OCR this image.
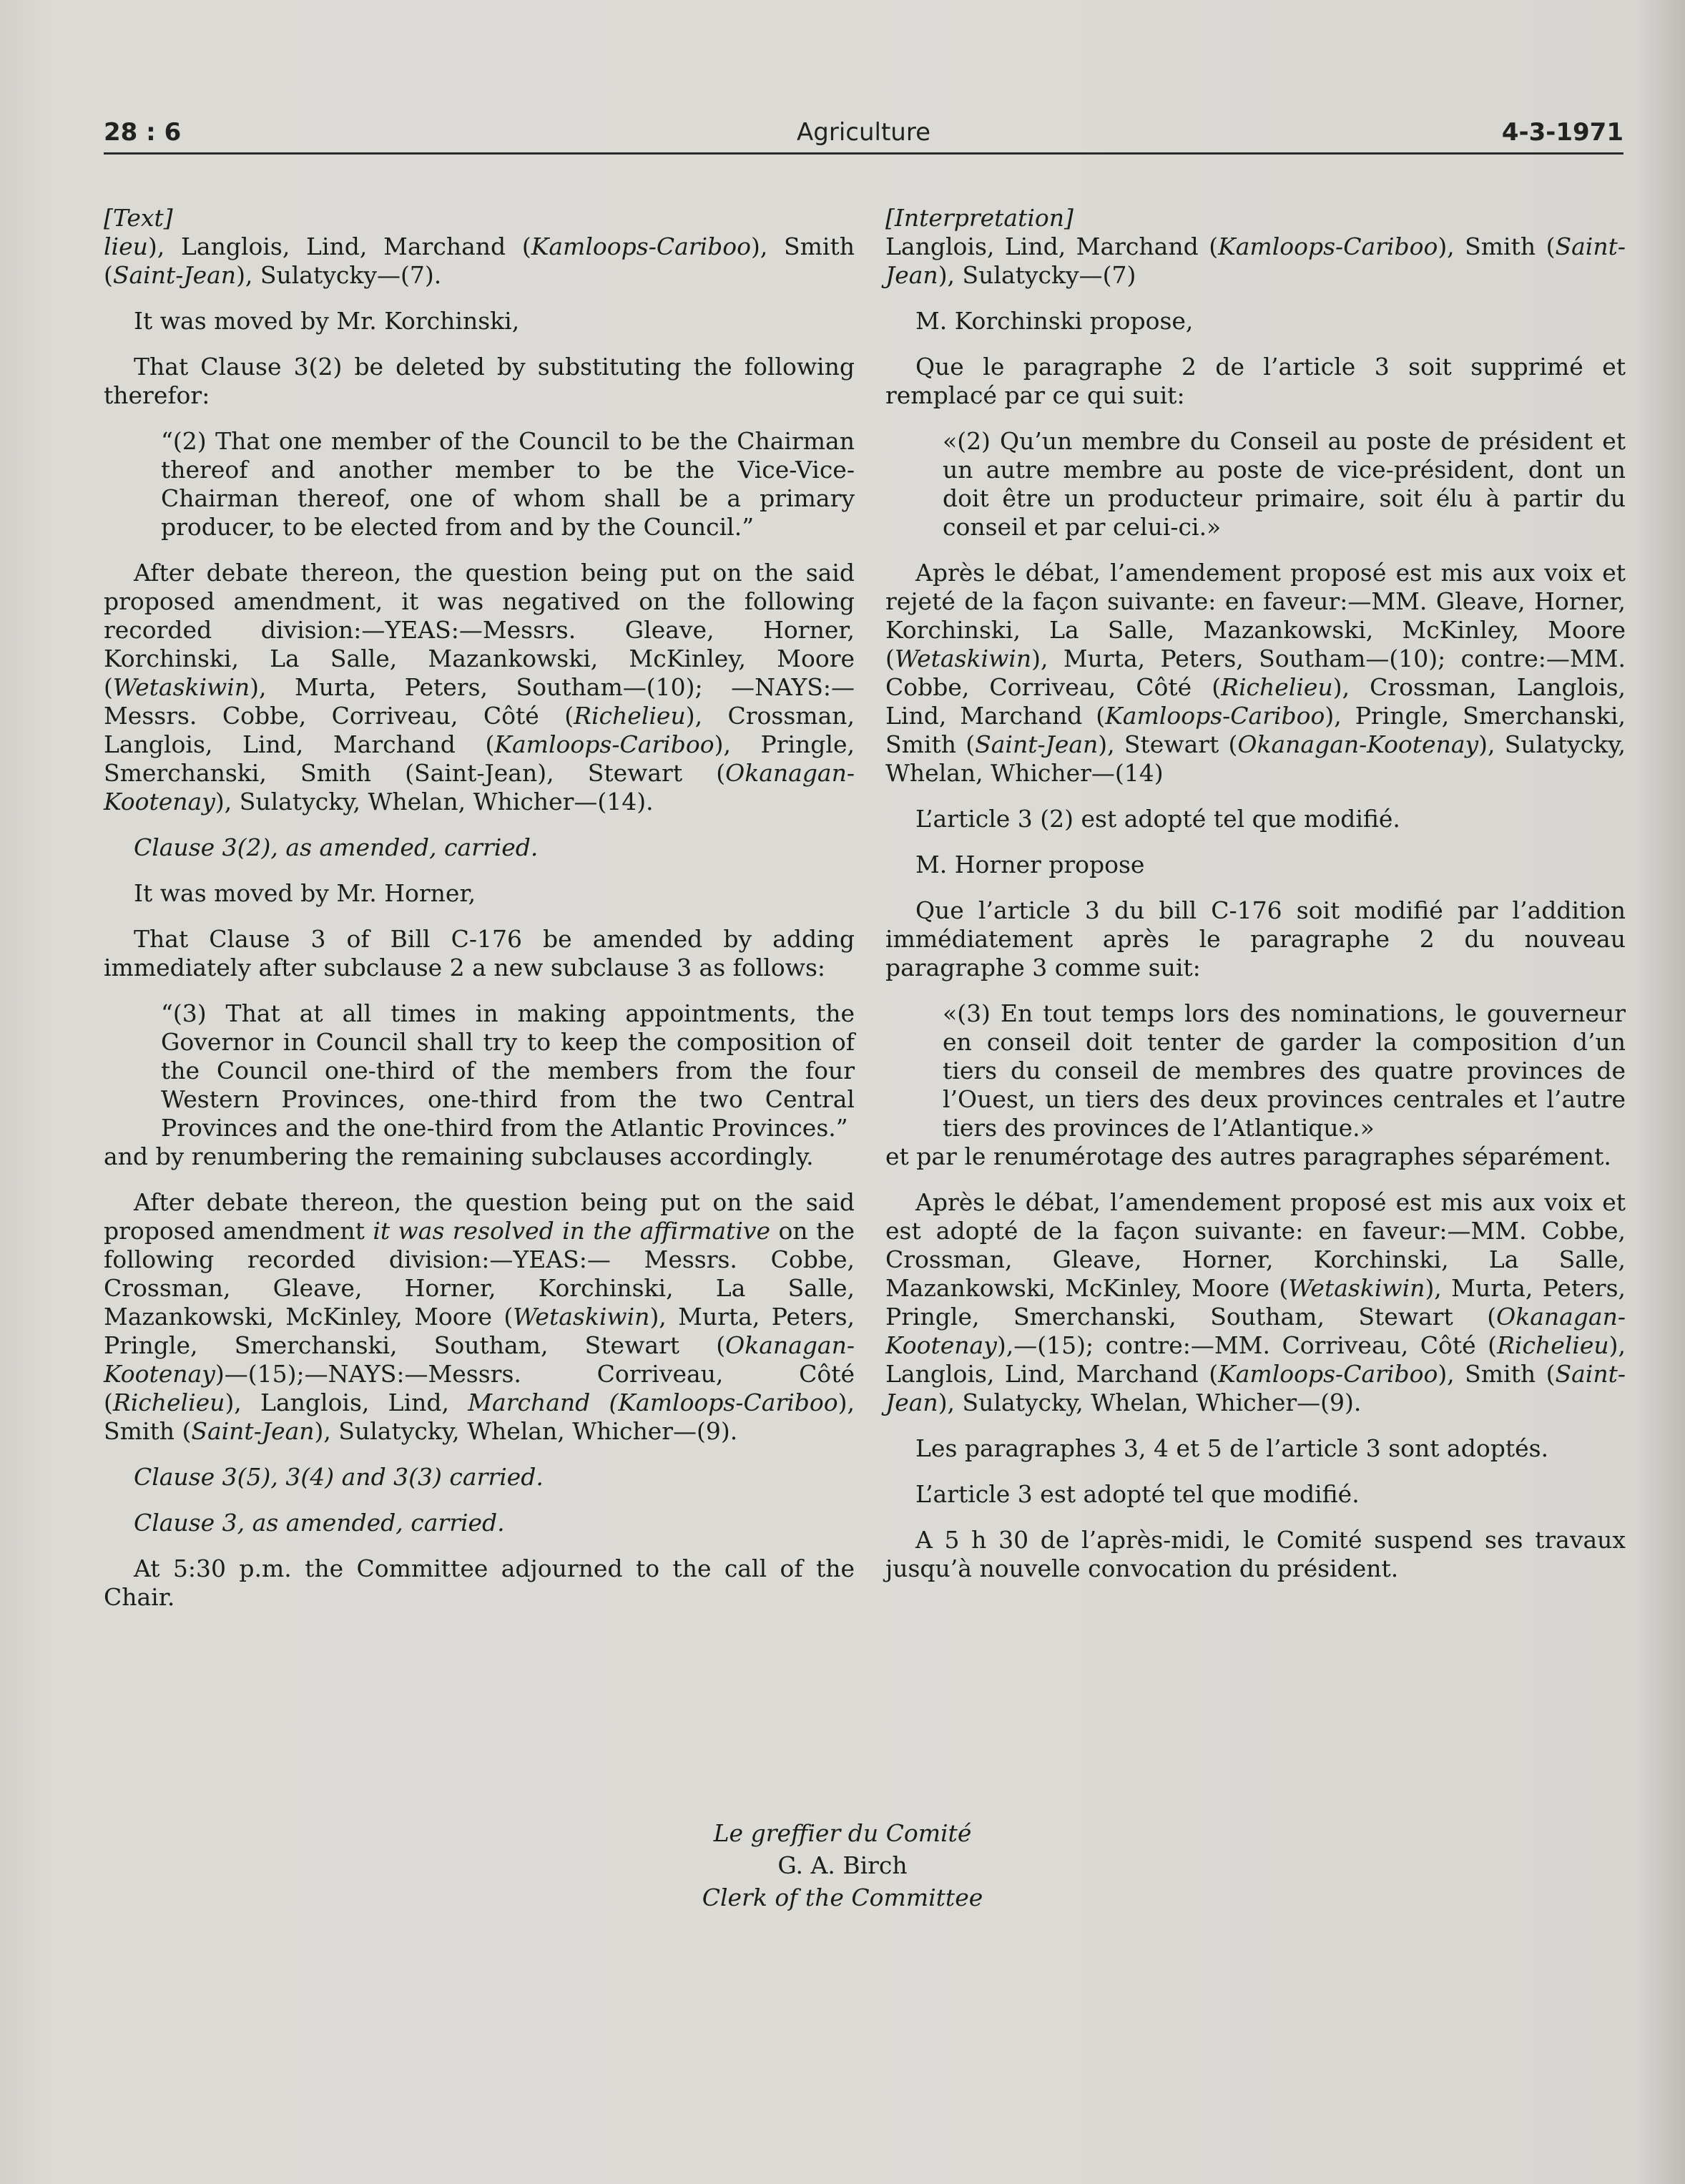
28 : 6	Agriculture	4-3-1971

[Text]

lieu), Langlois, Lind, Marchand (Kamloops-Cariboo), Smith (Saint-Jean), Sulatycky—(7).

It was moved by Mr. Korchinski,

That Clause 3(2) be deleted by substituting the following therefor:

“(2) That one member of the Council to be the Chairman thereof and another member to be the Vice-Vice-Chairman thereof, one of whom shall be a primary producer, to be elected from and by the Council.”

After debate thereon, the question being put on the said proposed amendment, it was negatived on the following recorded division:—YEAS:—Messrs. Gleave, Horner, Korchinski, La Salle, Mazankowski, McKinley, Moore (Wetaskiwin), Murta, Peters, Southam—(10); —NAYS:—Messrs. Cobbe, Corriveau, Côté (Richelieu), Crossman, Langlois, Lind, Marchand (Kamloops-Cariboo), Pringle, Smerchanski, Smith (Saint-Jean), Stewart (Okanagan-Kootenay), Sulatycky, Whelan, Whicher—(14).

Clause 3(2), as amended, carried.

It was moved by Mr. Horner,

That Clause 3 of Bill C-176 be amended by adding immediately after subclause 2 a new subclause 3 as follows:

“(3) That at all times in making appointments, the Governor in Council shall try to keep the composition of the Council one-third of the members from the four Western Provinces, one-third from the two Central Provinces and the one-third from the Atlantic Provinces.”

and by renumbering the remaining subclauses accordingly.

After debate thereon, the question being put on the said proposed amendment it was resolved in the affirmative on the following recorded division:—YEAS:— Messrs. Cobbe, Crossman, Gleave, Horner, Korchinski, La Salle, Mazankowski, McKinley, Moore (Wetaskiwin), Murta, Peters, Pringle, Smerchanski, Southam, Stewart (Okanagan-Kootenay)—(15);—NAYS:—Messrs. Corriveau, Côté (Richelieu), Langlois, Lind, Marchand (Kamloops-Cariboo), Smith (Saint-Jean), Sulatycky, Whelan, Whicher—(9).

Clause 3(5), 3(4) and 3(3) carried.

Clause 3, as amended, carried.

At 5:30 p.m. the Committee adjourned to the call of the Chair.

[Interpretation]

Langlois, Lind, Marchand (Kamloops-Cariboo), Smith (Saint-Jean), Sulatycky—(7)

M. Korchinski propose,

Que le paragraphe 2 de l’article 3 soit supprimé et remplacé par ce qui suit:

«(2) Qu’un membre du Conseil au poste de président et un autre membre au poste de vice-président, dont un doit être un producteur primaire, soit élu à partir du conseil et par celui-ci.»

Après le débat, l’amendement proposé est mis aux voix et rejeté de la façon suivante: en faveur:—MM. Gleave, Horner, Korchinski, La Salle, Mazankowski, McKinley, Moore (Wetaskiwin), Murta, Peters, Southam—(10); contre:—MM. Cobbe, Corriveau, Côté (Richelieu), Crossman, Langlois, Lind, Marchand (Kamloops-Cariboo), Pringle, Smerchanski, Smith (Saint-Jean), Stewart (Okanagan-Kootenay), Sulatycky, Whelan, Whicher—(14)

L’article 3 (2) est adopté tel que modifié.

M. Horner propose

Que l’article 3 du bill C-176 soit modifié par l’addition immédiatement après le paragraphe 2 du nouveau paragraphe 3 comme suit:

«(3) En tout temps lors des nominations, le gouverneur en conseil doit tenter de garder la composition d’un tiers du conseil de membres des quatre provinces de l’Ouest, un tiers des deux provinces centrales et l’autre tiers des provinces de l’Atlantique.»

et par le renumérotage des autres paragraphes séparément.

Après le débat, l’amendement proposé est mis aux voix et est adopté de la façon suivante: en faveur:—MM. Cobbe, Crossman, Gleave, Horner, Korchinski, La Salle, Mazankowski, McKinley, Moore (Wetaskiwin), Murta, Peters, Pringle, Smerchanski, Southam, Stewart (Okanagan-Kootenay),—(15); contre:—MM. Corriveau, Côté (Richelieu), Langlois, Lind, Marchand (Kamloops-Cariboo), Smith (Saint-Jean), Sulatycky, Whelan, Whicher—(9).

Les paragraphes 3, 4 et 5 de l’article 3 sont adoptés.

L’article 3 est adopté tel que modifié.

A 5 h 30 de l’après-midi, le Comité suspend ses travaux jusqu’à nouvelle convocation du président.

Le greffier du Comité
G. A. Birch
Clerk of the Committee
